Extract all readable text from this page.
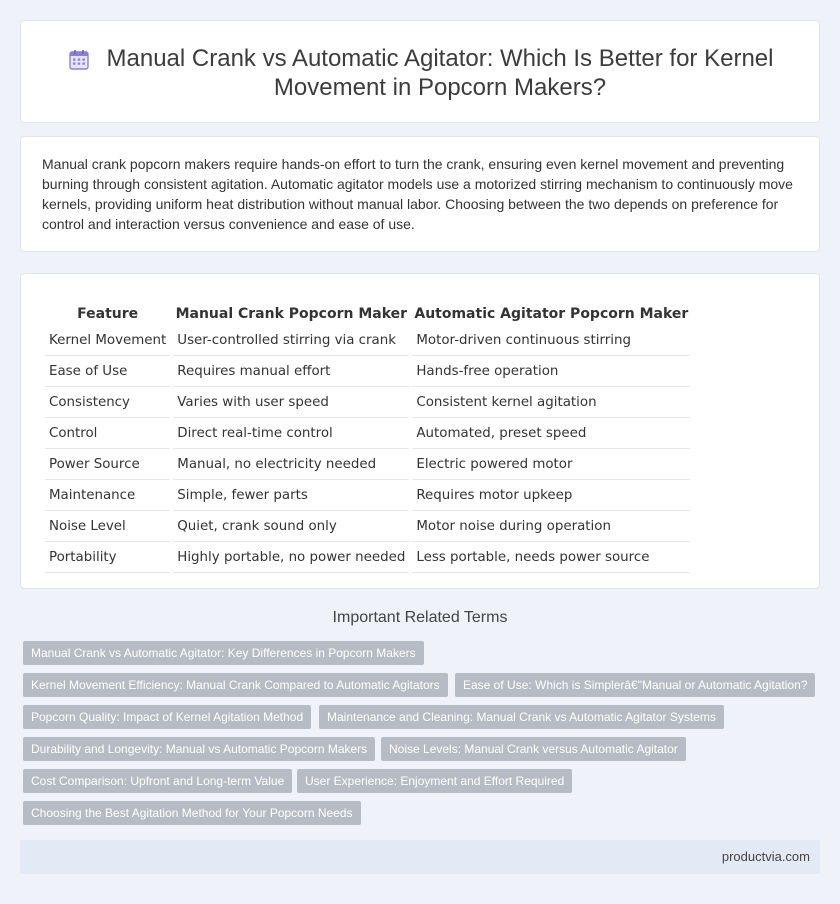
Manual Crank vs Automatic Agitator: Which Is Better for Kernel Movement in Popcorn Makers?

Manual crank popcorn makers require hands-on effort to turn the crank, ensuring even kernel movement and preventing burning through consistent agitation. Automatic agitator models use a motorized stirring mechanism to continuously move kernels, providing uniform heat distribution without manual labor. Choosing between the two depends on preference for control and interaction versus convenience and ease of use.

Feature	Manual Crank Popcorn Maker	Automatic Agitator Popcorn Maker
Kernel Movement	User-controlled stirring via crank	Motor-driven continuous stirring
Ease of Use	Requires manual effort	Hands-free operation
Consistency	Varies with user speed	Consistent kernel agitation
Control	Direct real-time control	Automated, preset speed
Power Source	Manual, no electricity needed	Electric powered motor
Maintenance	Simple, fewer parts	Requires motor upkeep
Noise Level	Quiet, crank sound only	Motor noise during operation
Portability	Highly portable, no power needed	Less portable, needs power source
Important Related Terms
Manual Crank vs Automatic Agitator: Key Differences in Popcorn Makers
Kernel Movement Efficiency: Manual Crank Compared to Automatic Agitators	Ease of Use: Which is Simplerâ€"Manual or Automatic Agitation?
Popcorn Quality: Impact of Kernel Agitation Method	Maintenance and Cleaning: Manual Crank vs Automatic Agitator Systems
Durability and Longevity: Manual vs Automatic Popcorn Makers	Noise Levels: Manual Crank versus Automatic Agitator
Cost Comparison: Upfront and Long-term Value	User Experience: Enjoyment and Effort Required
Choosing the Best Agitation Method for Your Popcorn Needs
productvia.com
